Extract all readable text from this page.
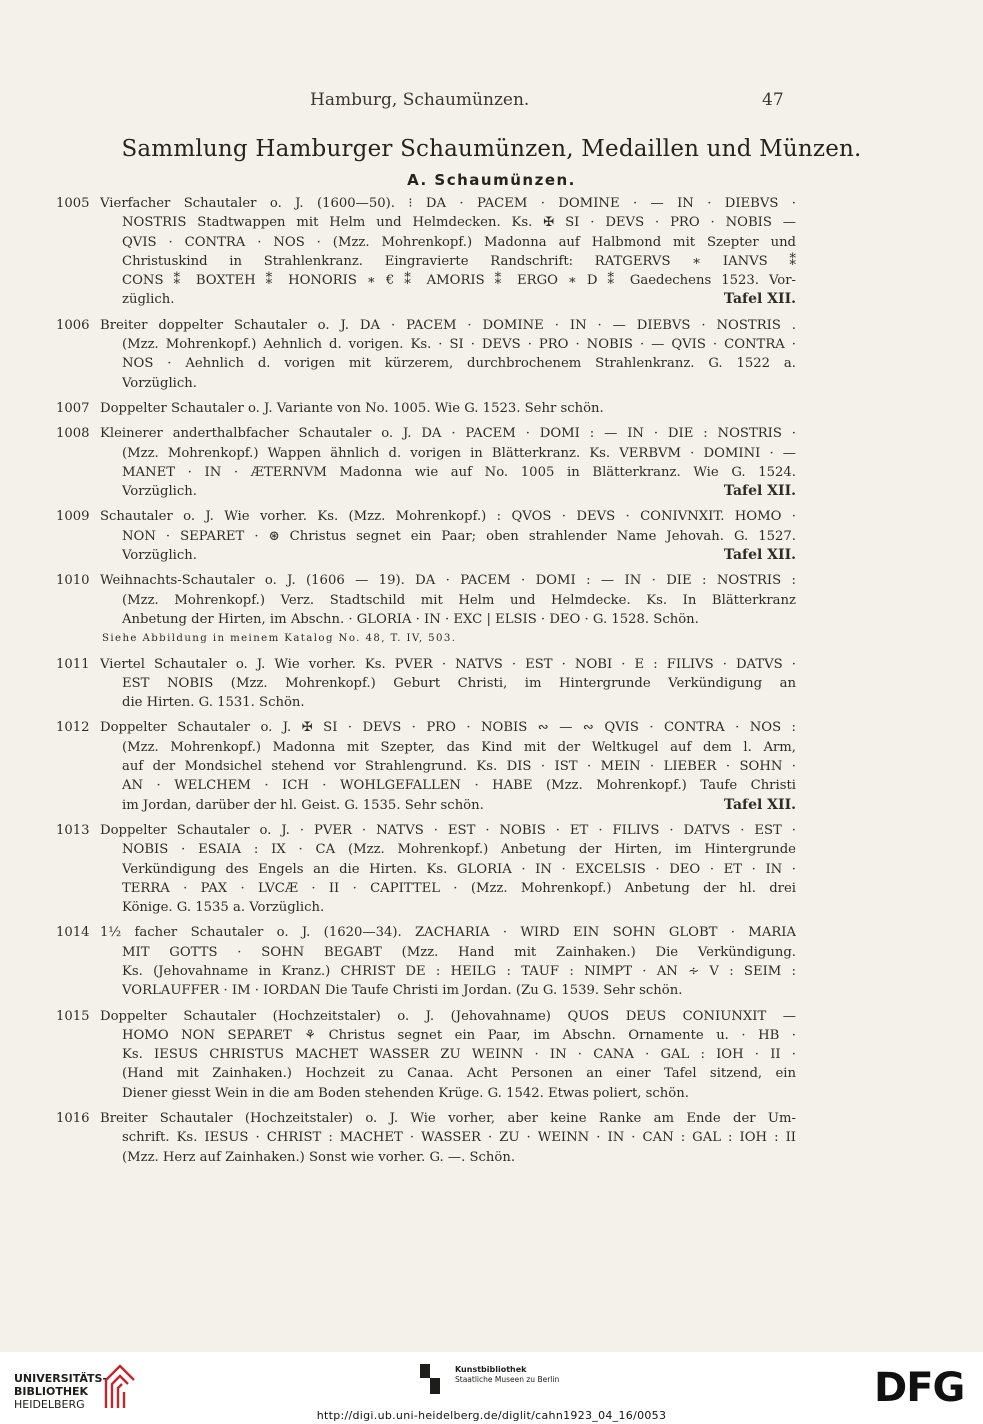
Hamburg, Schaumünzen.	47
Sammlung Hamburger Schaumünzen, Medaillen und Münzen.
A. Schaumünzen.
1005 Vierfacher Schautaler o. J. (1600—50). ⁝ DA · PACEM · DOMINE · — IN · DIEBVS ·
NOSTRIS Stadtwappen mit Helm und Helmdecken. Ks. ✠ SI · DEVS · PRO · NOBIS —
QVIS · CONTRA · NOS · (Mzz. Mohrenkopf.) Madonna auf Halbmond mit Szepter und
Christuskind in Strahlenkranz. Eingravierte Randschrift: RATGERVS ∗ IANVS ⁑
CONS ⁑ BOXTEH ⁑ HONORIS ∗ € ⁑ AMORIS ⁑ ERGO ∗ D ⁑ Gaedechens 1523. Vor-
züglich.	Tafel XII.
1006 Breiter doppelter Schautaler o. J. DA · PACEM · DOMINE · IN · — DIEBVS · NOSTRIS .
(Mzz. Mohrenkopf.) Aehnlich d. vorigen. Ks. · SI · DEVS · PRO · NOBIS · — QVIS · CONTRA ·
NOS · Aehnlich d. vorigen mit kürzerem, durchbrochenem Strahlenkranz. G. 1522 a.
Vorzüglich.
1007 Doppelter Schautaler o. J. Variante von No. 1005. Wie G. 1523. Sehr schön.
1008 Kleinerer anderthalbfacher Schautaler o. J. DA · PACEM · DOMI : — IN · DIE : NOSTRIS ·
(Mzz. Mohrenkopf.) Wappen ähnlich d. vorigen in Blätterkranz. Ks. VERBVM · DOMINI · —
MANET · IN · ÆTERNVM Madonna wie auf No. 1005 in Blätterkranz. Wie G. 1524.
Vorzüglich.	Tafel XII.
1009 Schautaler o. J. Wie vorher. Ks. (Mzz. Mohrenkopf.) : QVOS · DEVS · CONIVNXIT. HOMO ·
NON · SEPARET · ⊛ Christus segnet ein Paar; oben strahlender Name Jehovah. G. 1527.
Vorzüglich.	Tafel XII.
1010 Weihnachts-Schautaler o. J. (1606 — 19). DA · PACEM · DOMI : — IN · DIE : NOSTRIS :
(Mzz. Mohrenkopf.) Verz. Stadtschild mit Helm und Helmdecke. Ks. In Blätterkranz
Anbetung der Hirten, im Abschn. · GLORIA · IN · EXC | ELSIS · DEO · G. 1528. Schön.
Siehe Abbildung in meinem Katalog No. 48, T. IV, 503.
1011 Viertel Schautaler o. J. Wie vorher. Ks. PVER · NATVS · EST · NOBI · E : FILIVS · DATVS ·
EST NOBIS (Mzz. Mohrenkopf.) Geburt Christi, im Hintergrunde Verkündigung an
die Hirten. G. 1531. Schön.
1012 Doppelter Schautaler o. J. ✠ SI · DEVS · PRO · NOBIS ∾ — ∾ QVIS · CONTRA · NOS :
(Mzz. Mohrenkopf.) Madonna mit Szepter, das Kind mit der Weltkugel auf dem l. Arm,
auf der Mondsichel stehend vor Strahlengrund. Ks. DIS · IST · MEIN · LIEBER · SOHN ·
AN · WELCHEM · ICH · WOHLGEFALLEN · HABE (Mzz. Mohrenkopf.) Taufe Christi
im Jordan, darüber der hl. Geist. G. 1535. Sehr schön.	Tafel XII.
1013 Doppelter Schautaler o. J. · PVER · NATVS · EST · NOBIS · ET · FILIVS · DATVS · EST ·
NOBIS · ESAIA : IX · CA (Mzz. Mohrenkopf.) Anbetung der Hirten, im Hintergrunde
Verkündigung des Engels an die Hirten. Ks. GLORIA · IN · EXCELSIS · DEO · ET · IN ·
TERRA · PAX · LVCÆ · II · CAPITTEL · (Mzz. Mohrenkopf.) Anbetung der hl. drei
Könige. G. 1535 a. Vorzüglich.
1014 1½ facher Schautaler o. J. (1620—34). ZACHARIA · WIRD EIN SOHN GLOBT · MARIA
MIT GOTTS · SOHN BEGABT (Mzz. Hand mit Zainhaken.) Die Verkündigung.
Ks. (Jehovahname in Kranz.) CHRIST DE : HEILG : TAUF : NIMPT · AN ∻ V : SEIM :
VORLAUFFER · IM · IORDAN Die Taufe Christi im Jordan. (Zu G. 1539. Sehr schön.
1015 Doppelter Schautaler (Hochzeitstaler) o. J. (Jehovahname) QUOS DEUS CONIUNXIT —
HOMO NON SEPARET ⚘ Christus segnet ein Paar, im Abschn. Ornamente u. · HB ·
Ks. IESUS CHRISTUS MACHET WASSER ZU WEINN · IN · CANA · GAL : IOH · II ·
(Hand mit Zainhaken.) Hochzeit zu Canaa. Acht Personen an einer Tafel sitzend, ein
Diener giesst Wein in die am Boden stehenden Krüge. G. 1542. Etwas poliert, schön.
1016 Breiter Schautaler (Hochzeitstaler) o. J. Wie vorher, aber keine Ranke am Ende der Um-
schrift. Ks. IESUS · CHRIST : MACHET · WASSER · ZU · WEINN · IN · CAN : GAL : IOH : II
(Mzz. Herz auf Zainhaken.) Sonst wie vorher. G. —. Schön.
UNIVERSITÄTS-
BIBLIOTHEK
HEIDELBERG
Kunstbibliothek
Staatliche Museen zu Berlin	DFG
http://digi.ub.uni-heidelberg.de/diglit/cahn1923_04_16/0053
